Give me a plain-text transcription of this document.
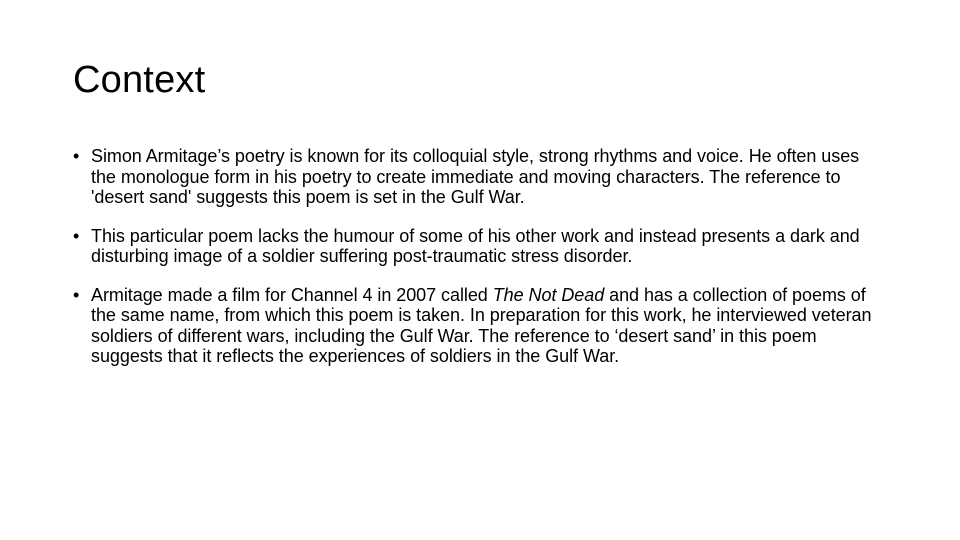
Context
• Simon Armitage’s poetry is known for its colloquial style, strong rhythms and voice. He often uses the monologue form in his poetry to create immediate and moving characters. The reference to 'desert sand' suggests this poem is set in the Gulf War.
• This particular poem lacks the humour of some of his other work and instead presents a dark and disturbing image of a soldier suffering post-traumatic stress disorder.
• Armitage made a film for Channel 4 in 2007 called The Not Dead and has a collection of poems of the same name, from which this poem is taken. In preparation for this work, he interviewed veteran soldiers of different wars, including the Gulf War. The reference to ‘desert sand’ in this poem suggests that it reflects the experiences of soldiers in the Gulf War.
